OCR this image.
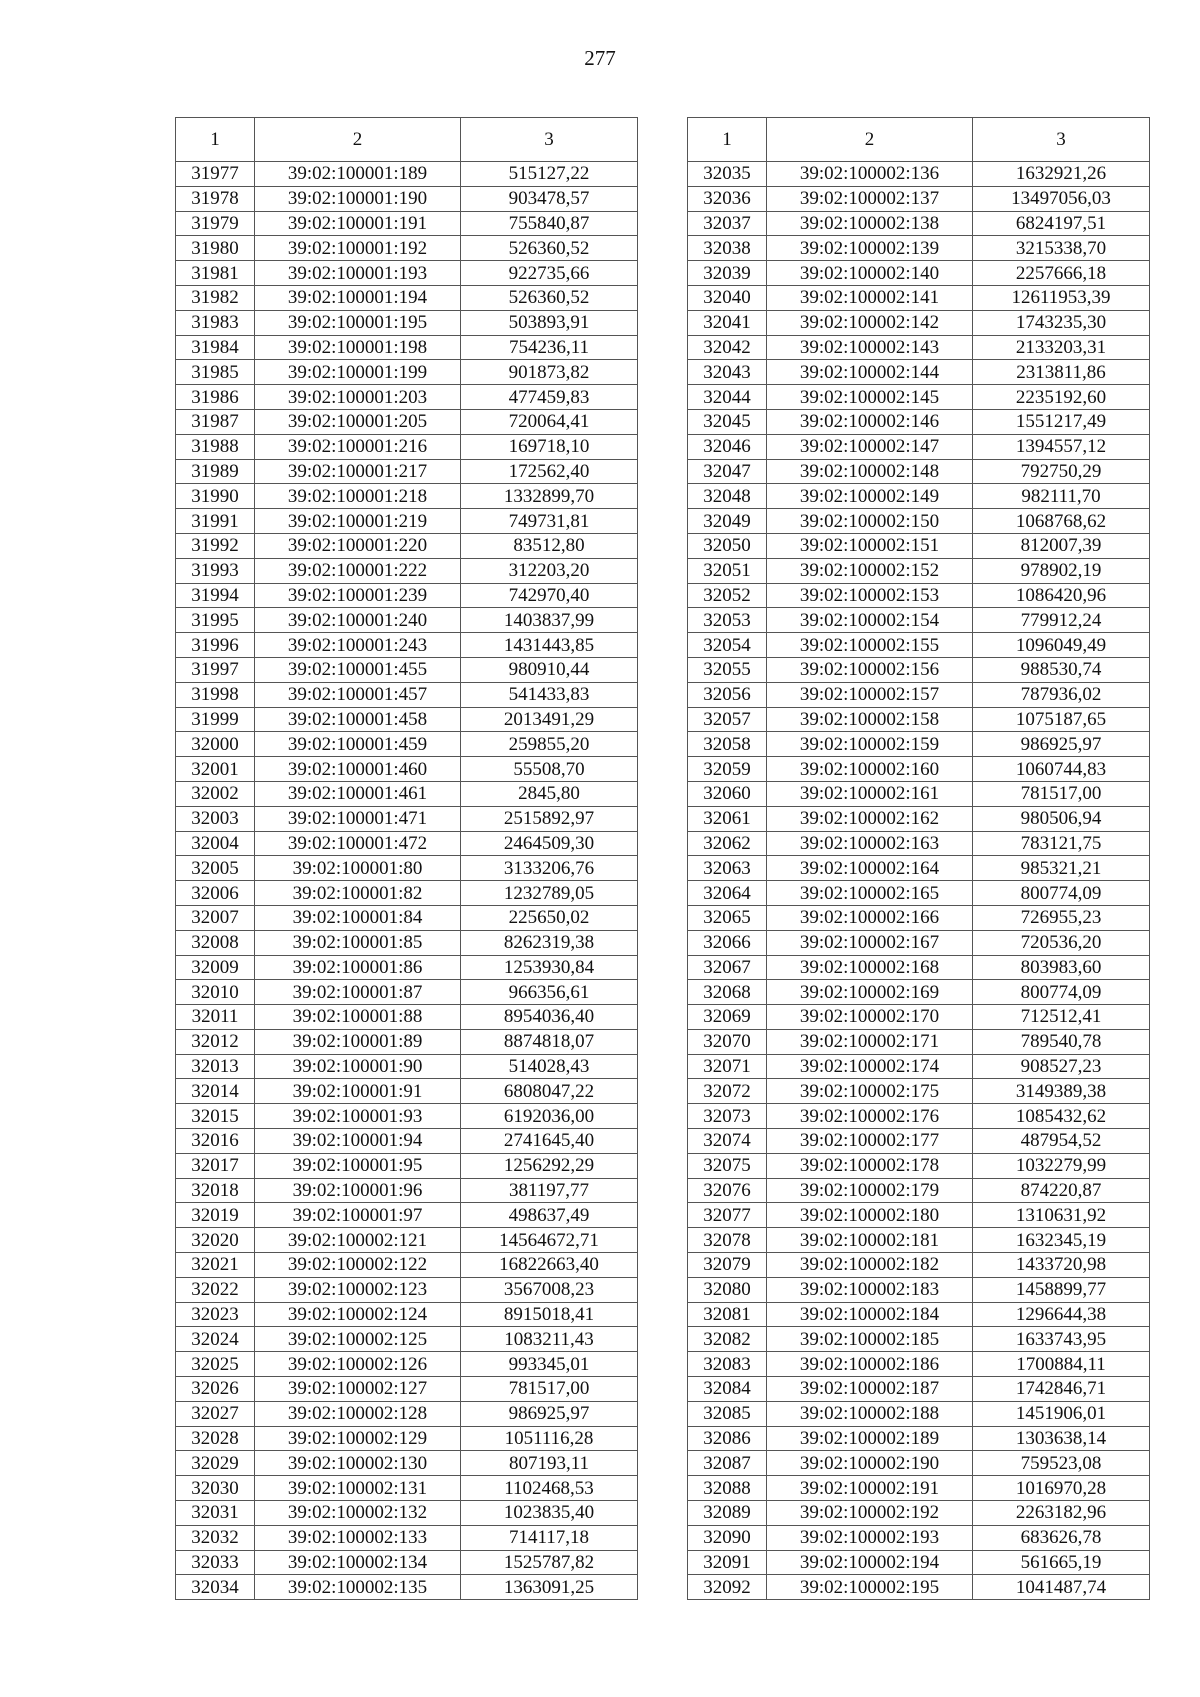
277
1	2	3
31977	39:02:100001:189	515127,22
31978	39:02:100001:190	903478,57
31979	39:02:100001:191	755840,87
31980	39:02:100001:192	526360,52
31981	39:02:100001:193	922735,66
31982	39:02:100001:194	526360,52
31983	39:02:100001:195	503893,91
31984	39:02:100001:198	754236,11
31985	39:02:100001:199	901873,82
31986	39:02:100001:203	477459,83
31987	39:02:100001:205	720064,41
31988	39:02:100001:216	169718,10
31989	39:02:100001:217	172562,40
31990	39:02:100001:218	1332899,70
31991	39:02:100001:219	749731,81
31992	39:02:100001:220	83512,80
31993	39:02:100001:222	312203,20
31994	39:02:100001:239	742970,40
31995	39:02:100001:240	1403837,99
31996	39:02:100001:243	1431443,85
31997	39:02:100001:455	980910,44
31998	39:02:100001:457	541433,83
31999	39:02:100001:458	2013491,29
32000	39:02:100001:459	259855,20
32001	39:02:100001:460	55508,70
32002	39:02:100001:461	2845,80
32003	39:02:100001:471	2515892,97
32004	39:02:100001:472	2464509,30
32005	39:02:100001:80	3133206,76
32006	39:02:100001:82	1232789,05
32007	39:02:100001:84	225650,02
32008	39:02:100001:85	8262319,38
32009	39:02:100001:86	1253930,84
32010	39:02:100001:87	966356,61
32011	39:02:100001:88	8954036,40
32012	39:02:100001:89	8874818,07
32013	39:02:100001:90	514028,43
32014	39:02:100001:91	6808047,22
32015	39:02:100001:93	6192036,00
32016	39:02:100001:94	2741645,40
32017	39:02:100001:95	1256292,29
32018	39:02:100001:96	381197,77
32019	39:02:100001:97	498637,49
32020	39:02:100002:121	14564672,71
32021	39:02:100002:122	16822663,40
32022	39:02:100002:123	3567008,23
32023	39:02:100002:124	8915018,41
32024	39:02:100002:125	1083211,43
32025	39:02:100002:126	993345,01
32026	39:02:100002:127	781517,00
32027	39:02:100002:128	986925,97
32028	39:02:100002:129	1051116,28
32029	39:02:100002:130	807193,11
32030	39:02:100002:131	1102468,53
32031	39:02:100002:132	1023835,40
32032	39:02:100002:133	714117,18
32033	39:02:100002:134	1525787,82
32034	39:02:100002:135	1363091,25
1	2	3
32035	39:02:100002:136	1632921,26
32036	39:02:100002:137	13497056,03
32037	39:02:100002:138	6824197,51
32038	39:02:100002:139	3215338,70
32039	39:02:100002:140	2257666,18
32040	39:02:100002:141	12611953,39
32041	39:02:100002:142	1743235,30
32042	39:02:100002:143	2133203,31
32043	39:02:100002:144	2313811,86
32044	39:02:100002:145	2235192,60
32045	39:02:100002:146	1551217,49
32046	39:02:100002:147	1394557,12
32047	39:02:100002:148	792750,29
32048	39:02:100002:149	982111,70
32049	39:02:100002:150	1068768,62
32050	39:02:100002:151	812007,39
32051	39:02:100002:152	978902,19
32052	39:02:100002:153	1086420,96
32053	39:02:100002:154	779912,24
32054	39:02:100002:155	1096049,49
32055	39:02:100002:156	988530,74
32056	39:02:100002:157	787936,02
32057	39:02:100002:158	1075187,65
32058	39:02:100002:159	986925,97
32059	39:02:100002:160	1060744,83
32060	39:02:100002:161	781517,00
32061	39:02:100002:162	980506,94
32062	39:02:100002:163	783121,75
32063	39:02:100002:164	985321,21
32064	39:02:100002:165	800774,09
32065	39:02:100002:166	726955,23
32066	39:02:100002:167	720536,20
32067	39:02:100002:168	803983,60
32068	39:02:100002:169	800774,09
32069	39:02:100002:170	712512,41
32070	39:02:100002:171	789540,78
32071	39:02:100002:174	908527,23
32072	39:02:100002:175	3149389,38
32073	39:02:100002:176	1085432,62
32074	39:02:100002:177	487954,52
32075	39:02:100002:178	1032279,99
32076	39:02:100002:179	874220,87
32077	39:02:100002:180	1310631,92
32078	39:02:100002:181	1632345,19
32079	39:02:100002:182	1433720,98
32080	39:02:100002:183	1458899,77
32081	39:02:100002:184	1296644,38
32082	39:02:100002:185	1633743,95
32083	39:02:100002:186	1700884,11
32084	39:02:100002:187	1742846,71
32085	39:02:100002:188	1451906,01
32086	39:02:100002:189	1303638,14
32087	39:02:100002:190	759523,08
32088	39:02:100002:191	1016970,28
32089	39:02:100002:192	2263182,96
32090	39:02:100002:193	683626,78
32091	39:02:100002:194	561665,19
32092	39:02:100002:195	1041487,74
